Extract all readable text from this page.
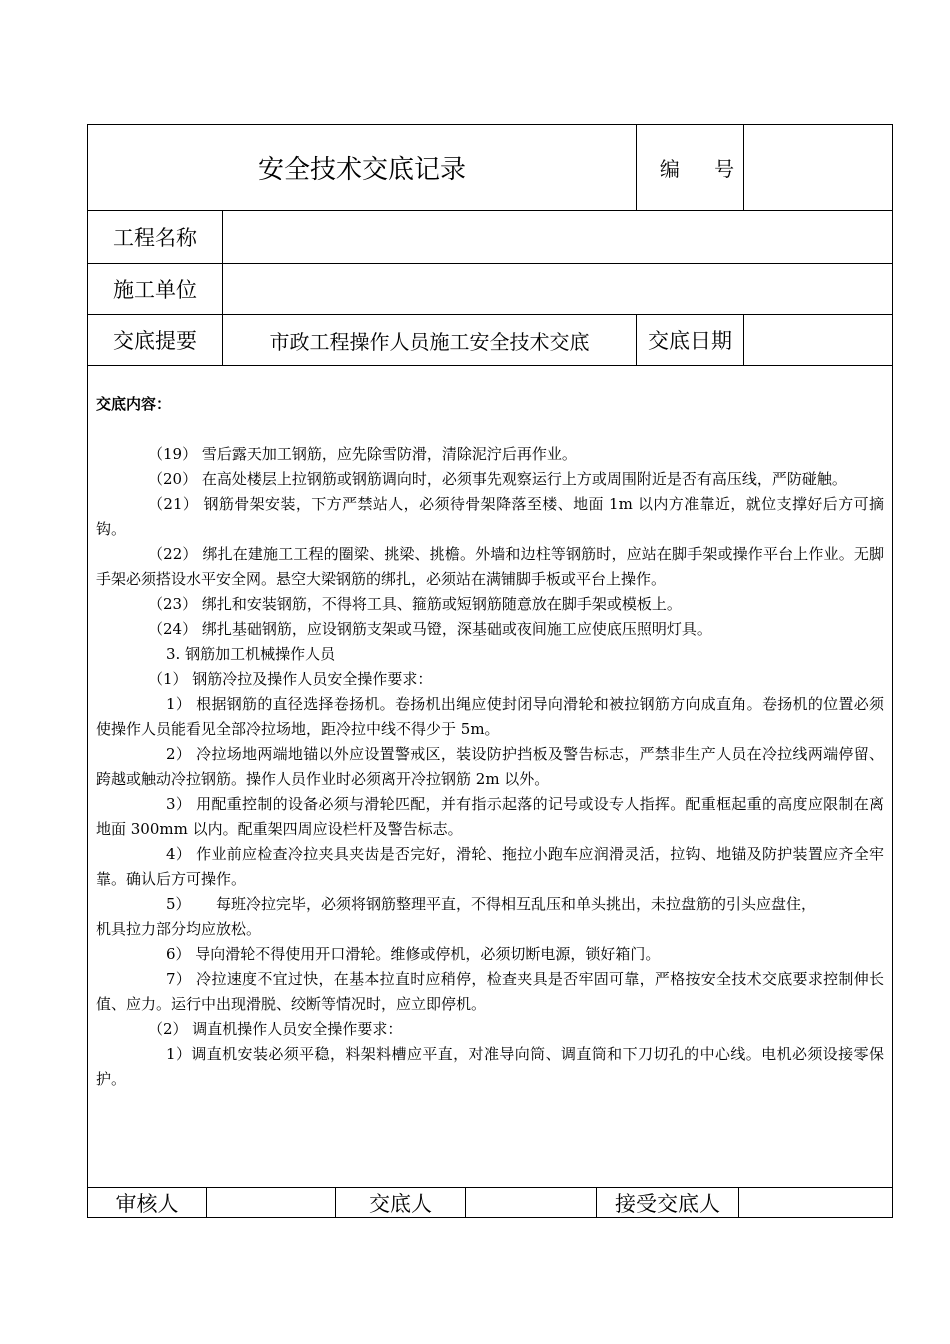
安全技术交底记录	编 号
工程名称
施工单位
交底提要	市政工程操作人员施工安全技术交底	交底日期
交底内容：

（19） 雪后露天加工钢筋，应先除雪防滑，清除泥泞后再作业。

（20） 在高处楼层上拉钢筋或钢筋调向时，必须事先观察运行上方或周围附近是否有高压线，严防碰触。

（21） 钢筋骨架安装，下方严禁站人，必须待骨架降落至楼、地面 1m 以内方准靠近，就位支撑好后方可摘钩。

（22） 绑扎在建施工工程的圈梁、挑梁、挑檐。外墙和边柱等钢筋时，应站在脚手架或操作平台上作业。无脚手架必须搭设水平安全网。悬空大梁钢筋的绑扎，必须站在满铺脚手板或平台上操作。

（23） 绑扎和安装钢筋，不得将工具、箍筋或短钢筋随意放在脚手架或模板上。

（24） 绑扎基础钢筋，应设钢筋支架或马镫，深基础或夜间施工应使底压照明灯具。

3. 钢筋加工机械操作人员

（1） 钢筋冷拉及操作人员安全操作要求：

1） 根据钢筋的直径选择卷扬机。卷扬机出绳应使封闭导向滑轮和被拉钢筋方向成直角。卷扬机的位置必须使操作人员能看见全部冷拉场地，距冷拉中线不得少于 5m。

2） 冷拉场地两端地锚以外应设置警戒区，装设防护挡板及警告标志，严禁非生产人员在冷拉线两端停留、跨越或触动冷拉钢筋。操作人员作业时必须离开冷拉钢筋 2m 以外。

3） 用配重控制的设备必须与滑轮匹配，并有指示起落的记号或设专人指挥。配重框起重的高度应限制在离地面 300mm 以内。配重架四周应设栏杆及警告标志。

4） 作业前应检查冷拉夹具夹齿是否完好，滑轮、拖拉小跑车应润滑灵活，拉钩、地锚及防护装置应齐全牢靠。确认后方可操作。

5）	每班冷拉完毕，必须将钢筋整理平直，不得相互乱压和单头挑出，未拉盘筋的引头应盘住，

机具拉力部分均应放松。

6） 导向滑轮不得使用开口滑轮。维修或停机，必须切断电源，锁好箱门。

7） 冷拉速度不宜过快，在基本拉直时应稍停，检查夹具是否牢固可靠，严格按安全技术交底要求控制伸长值、应力。运行中出现滑脱、绞断等情况时，应立即停机。

（2） 调直机操作人员安全操作要求：

1）调直机安装必须平稳，料架料槽应平直，对准导向筒、调直筒和下刀切孔的中心线。电机必须设接零保护。

审核人	交底人	接受交底人
